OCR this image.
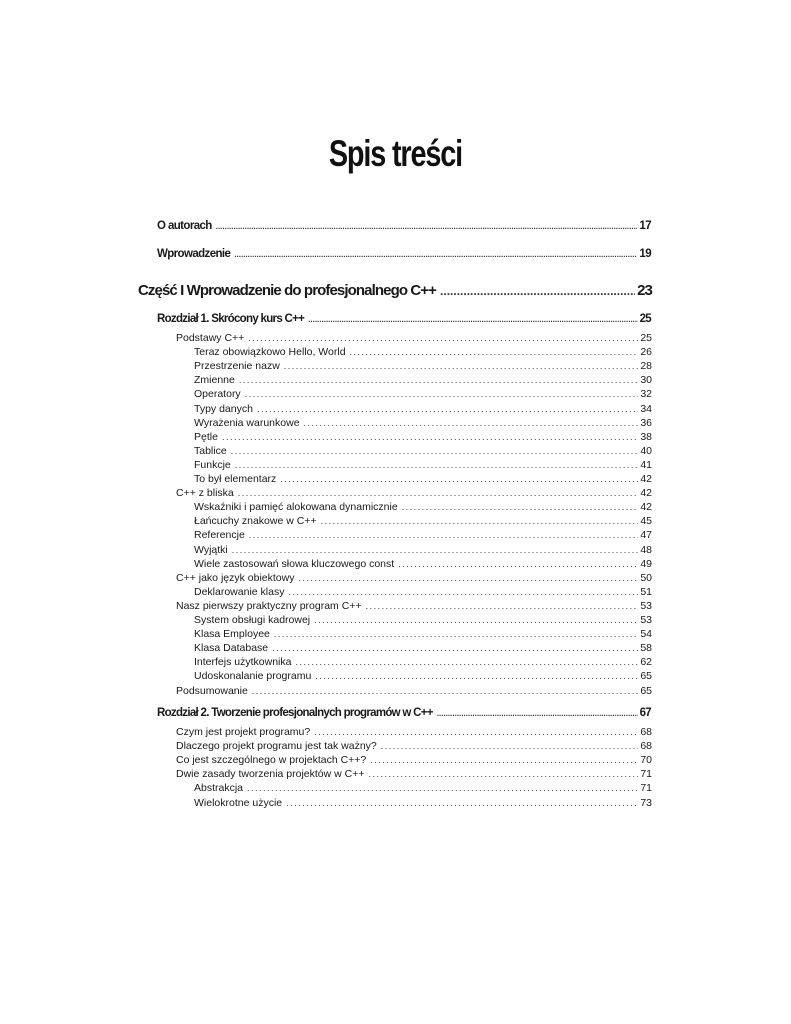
Spis treści
O autorach .....	17
Wprowadzenie .....	19
Część I Wprowadzenie do profesjonalnego C++ .....	23
Rozdział 1. Skrócony kurs C++ .....	25
Podstawy C++ .....	25
Teraz obowiązkowo Hello, World .....	26
Przestrzenie nazw .....	28
Zmienne .....	30
Operatory .....	32
Typy danych .....	34
Wyrażenia warunkowe .....	36
Pętle .....	38
Tablice .....	40
Funkcje .....	41
To był elementarz .....	42
C++ z bliska .....	42
Wskaźniki i pamięć alokowana dynamicznie .....	42
Łańcuchy znakowe w C++ .....	45
Referencje .....	47
Wyjątki .....	48
Wiele zastosowań słowa kluczowego const .....	49
C++ jako język obiektowy .....	50
Deklarowanie klasy .....	51
Nasz pierwszy praktyczny program C++ .....	53
System obsługi kadrowej .....	53
Klasa Employee .....	54
Klasa Database .....	58
Interfejs użytkownika .....	62
Udoskonalanie programu .....	65
Podsumowanie .....	65
Rozdział 2. Tworzenie profesjonalnych programów w C++ .....	67
Czym jest projekt programu? .....	68
Dlaczego projekt programu jest tak ważny? .....	68
Co jest szczególnego w projektach C++? .....	70
Dwie zasady tworzenia projektów w C++ .....	71
Abstrakcja .....	71
Wielokrotne użycie .....	73
